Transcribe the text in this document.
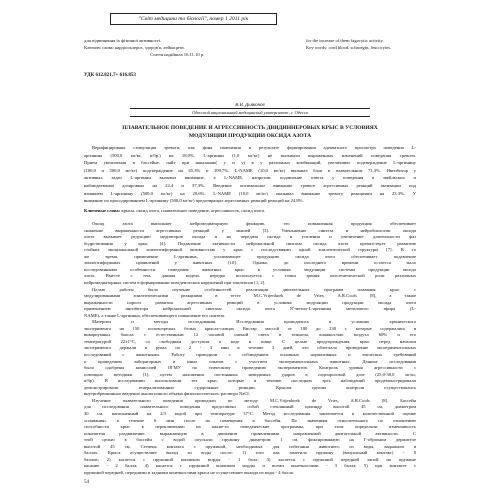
"Світ медицини та біології", номер 1 2011 рік
для підвищення їх фізичної активності.
Ключові слова: кардіосклероз, здоров'я, лейкоцити.
Стаття надійшла 16.11.10 р.
for the increase of them fagocytic activity.
Key words: cord blood, schroegin, leucocytes.
УДК 612.821.7+ 616.853
В.В. Дьяконов
Одесский национальный медицинский университет, г. Одесса
ПЛАВАТЕЛЬНОЕ ПОВЕДЕНИЕ И АГРЕССИВНОСТЬ ДВИДИННЕРОВЫХ КРЫС В УСЛОВИЯХ
МОДУЛЯЦИИ ПРОДУКЦИИ ОКСИДА АЗОТА
Верифицирована стимуляция тревоги, как фона изменения в результате формирования адекватного просмотра поведения L-
аргинина (500,0 мг/кг, в/бр.) на 18,0%. L-аргинин (1,0 мг/кг) не вызывали выраженных изменений поведения тревоги.
Прием увеличения в бассейне, пайт при наказании( у и у) в у различных комбинаций, увеличивал подтверждение L-аргинину
(100,0 и 500,0 мг/кг) подтверждение на 65,3% и 109,7%. L-NAME (10,0 мг/кг) вызывал блок в плавательном 71,3%. Ингибитор у
активных задач L-аргинин вызывал внимание, а L-NAME, напротив, подавление ответа у поведения в эвейльских и
наблюдаемыми дозировках на 22,4 и 37,3%. Введение оптимальное внимание тревоге агрессивных реакций активации под
влиянием L-аргинину (500,0 мг/кг) на 29,6%. L-NAME (10,0 мг/кг) оказывал внимание тревогу реакциями на 23,3%. У
внимание по просодированием L-аргинину (500,0 мг/кг) предотвращал агрессивных реакций реакций на 24,8%.
Ключевые слова: крысы, оксид азота, плавательное поведение, агрессивность, оксид азота.
Оксид азота выполняет нейромедиаторную функцию, его повышенная продукция обеспечивает
снижение выраженности агрессивных реакций у мышей [3]. Уменьшение синтеза и нейробиологии оксида
азота вызывает редукцию медиаторов оксида и их передача оксида и усиления и увеличение длительности фаз
бодрствования у крыс [4]. Подавление активности нейрональной синтазы оксида азота препятствует развитию
стойких эмоциональной эпилептиформной активностью у крыс с последствиями одной эпилептической структуры [7]. В то
же время, применение L-аргинина, усиливающее продукцию оксида азота обеспечивает подавление
эпилептиформных проявлений у животных [10]. Однако, до последнего времени остается мало
исследованными особенности поведения животных крыс в условиях модуляции системы продукции оксида
азота. Вместе с тем, данная модель нередко используется с точки зрения патогенетической роли различных
нейромедиаторных систем в формировании поведенческих нарушений при эпилепсии [1, 2].
Целью работы было изучение особенностей реализации двигательных программ плавания крыс с
модулированными эпилептическими реакциями в тесте M.C.Vrijenhoek de Vries, A.R.Cools [8], а также
выраженности пороги развития агрессивных реакций в условиях модуляции продукции оксида азота
применением ингибитора нейрональной синтазы оксида азота N'-метил-L-аргинина метилового эфира (L-
NAME), а также L-аргинина, обеспечивающего повышение его синтеза.
Материал и методы исследования. Исследования проводились в условиях хронического
эксперимента на 150 половозрелых белых крысах-самцах Вистар массой от 180 до 230 г, которые содержались в
вивариумных боксах с естественным 12 часовой сменой света и темноты, влажностью воздуха 60% и его
температурой 22±1°С, со свободным доступом к воде и пище. С целью предупреждения, крыс перед началом
эксперимента держали в руках по 2 - 3 мин в течение 3 дней, что облегчало проведение экспериментальных
исследований с животными. Работу проводили с соблюдением основных нормативных и этических требований
к проведению лабораторных и иных опытов с участием экспериментальных животных. Данные исследования
было одобрены комиссией ОГМУ по этическому проведению экспериментов. Контроль уровня агрессивности с
помощью методики [1], путем наложения постоянных невидимых ударов в подпороговой дозе (25,0-30,0 мг/кг,
в/бр). В исследовании использовали тех крыс, которые в течение последних трех наблюдений продемонстрировали
демонстрировали генерализованные судорожные реакции. Крысам группы контроля осуществлялись
внутрибрюшинное введение аналогичного объема физиологического раствора NaCl.
Изучение плавательного поведения проводили по методу M.C.Vrijenhoek de Vries, A.R.Cools [8]. Бассейн
для исследования плавательного поведения представлял собой стеклянный цилиндр высотой 45 см, диаметром
30 см, наполненный на 2/3 водой при температуре 37°С. Метод исследования заключается в количественной оценке
«плавания» в течение 6 мин после их помещения в бассейн. По значениям относительного по отношению
способности крыс к переключению на какие-то поведенческие программы, при этом определяли изменчивость
показателя раздвижение, выражающую в движении проявлениями направленной двигательной активности. С
этой целью в бассейн с водой опускали пружину диаметром 1 см, фиксированную на Г-образном держателе
высотой 45 см. Степень контакта с пружиной, необходимых для избегания животного из воды, выражали в
баллах. Крыса осуществляет выход из воды после: 1) того как заметила пружину (визуальный контакт) - 0
баллов; 2) касается с пружиной кончиком морды - 1 балл; 3) касается с пружиной передней лапой на пружине
касание - 2 балла; 4) касается с пружиной кончиком морды и всеми конечностями - 3 балла; 5) при контакте с
пружиной передней, передними и задними конечностями крыса не осуществляет выхода из воды - 4 балла.
54
